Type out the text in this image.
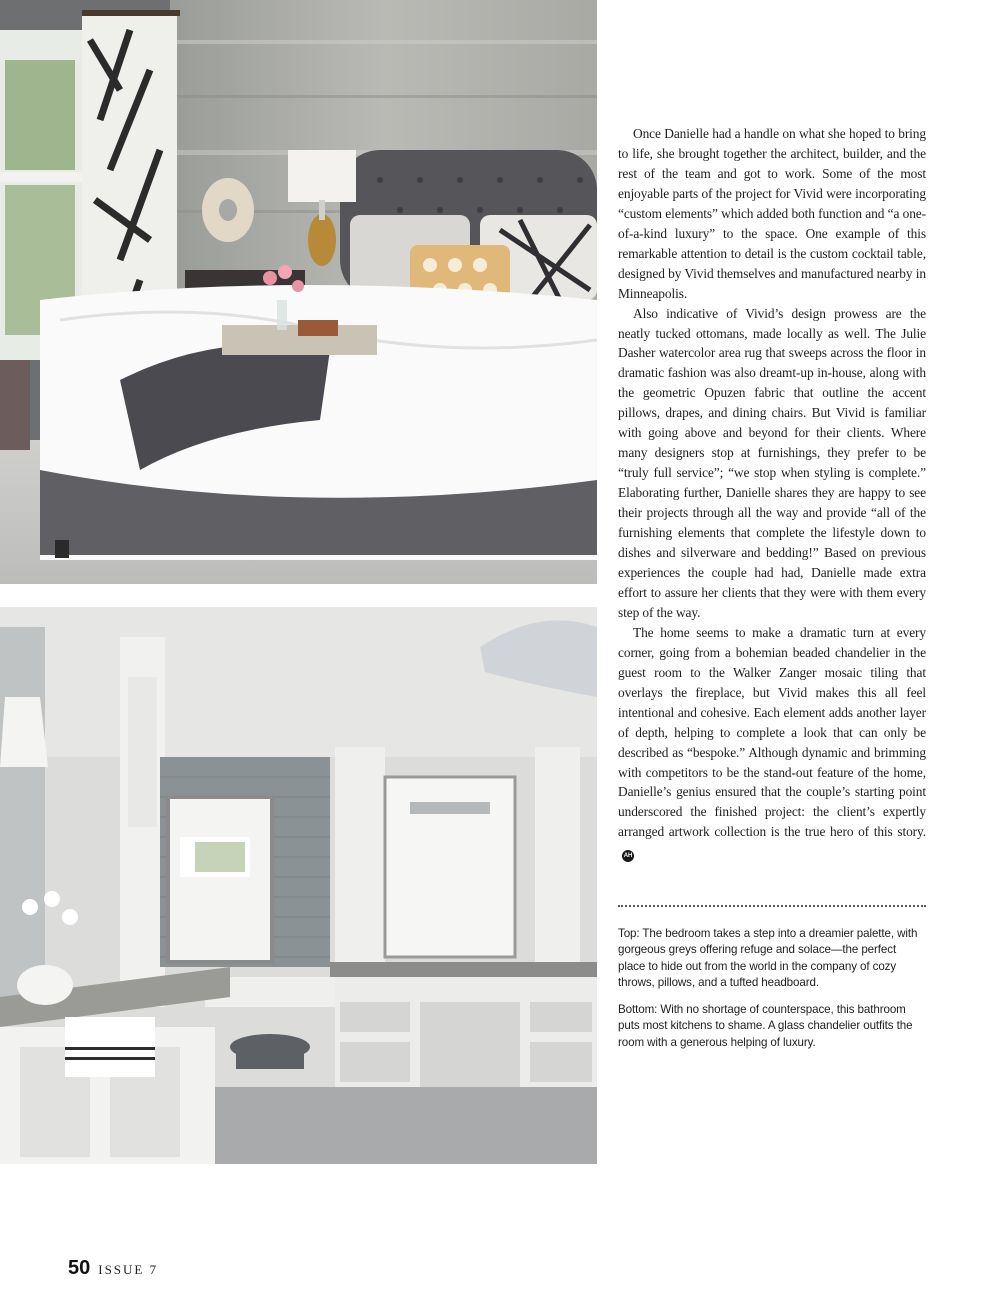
Once Danielle had a handle on what she hoped to bring to life, she brought together the architect, builder, and the rest of the team and got to work. Some of the most enjoyable parts of the project for Vivid were incorporating “custom elements” which added both function and “a one-of-a-kind luxury” to the space. One example of this remarkable attention to detail is the custom cocktail table, designed by Vivid themselves and manufactured nearby in Minneapolis.

Also indicative of Vivid’s design prowess are the neatly tucked ottomans, made locally as well. The Julie Dasher watercolor area rug that sweeps across the floor in dramatic fashion was also dreamt-up in-house, along with the geometric Opuzen fabric that outline the accent pillows, drapes, and dining chairs. But Vivid is familiar with going above and beyond for their clients. Where many designers stop at furnishings, they prefer to be “truly full service”; “we stop when styling is complete.” Elaborating further, Danielle shares they are happy to see their projects through all the way and provide “all of the furnishing elements that complete the lifestyle down to dishes and silverware and bedding!” Based on previous experiences the couple had had, Danielle made extra effort to assure her clients that they were with them every step of the way.

The home seems to make a dramatic turn at every corner, going from a bohemian beaded chandelier in the guest room to the Walker Zanger mosaic tiling that overlays the fireplace, but Vivid makes this all feel intentional and cohesive. Each element adds another layer of depth, helping to complete a look that can only be described as “bespoke.” Although dynamic and brimming with competitors to be the stand-out feature of the home, Danielle’s genius ensured that the couple’s starting point underscored the finished project: the client’s expertly arranged artwork collection is the true hero of this story.AH

Top: The bedroom takes a step into a dreamier palette, with gorgeous greys offering refuge and solace—the perfect place to hide out from the world in the company of cozy throws, pillows, and a tufted headboard.

Bottom: With no shortage of counterspace, this bathroom puts most kitchens to shame. A glass chandelier outfits the room with a generous helping of luxury.

50 ISSUE 7
